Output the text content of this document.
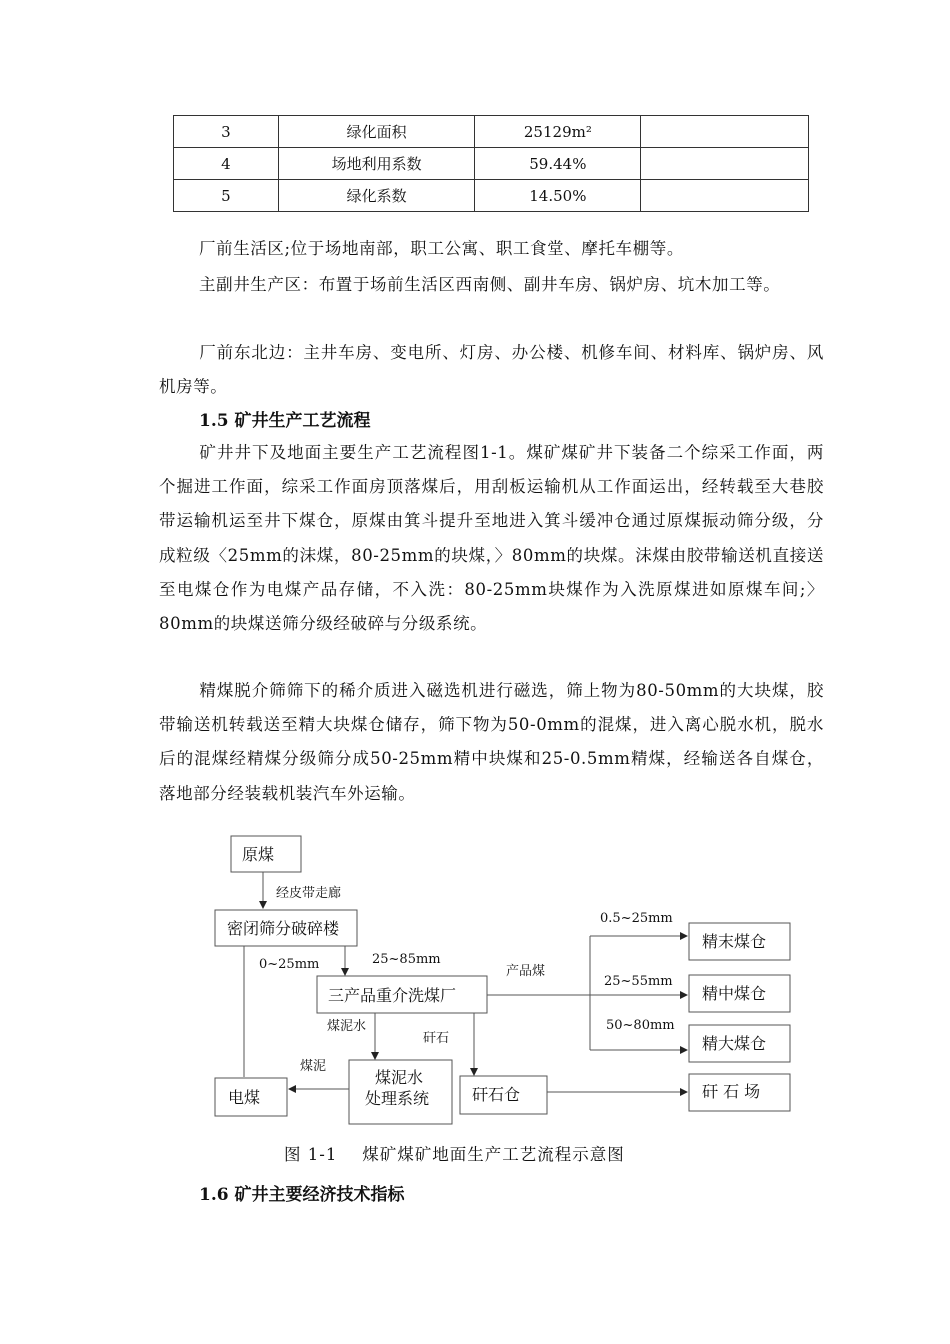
3	绿化面积	25129m²	
4	场地利用系数	59.44%	
5	绿化系数	14.50%	

厂前生活区;位于场地南部，职工公寓、职工食堂、摩托车棚等。

主副井生产区：布置于场前生活区西南侧、副井车房、锅炉房、坑木加工等。

厂前东北边：主井车房、变电所、灯房、办公楼、机修车间、材料库、锅炉房、风机房等。

1.5 矿井生产工艺流程

矿井井下及地面主要生产工艺流程图1-1。煤矿煤矿井下装备二个综采工作面，两个掘进工作面，综采工作面房顶落煤后，用刮板运输机从工作面运出，经转载至大巷胶带运输机运至井下煤仓，原煤由箕斗提升至地进入箕斗缓冲仓通过原煤振动筛分级，分成粒级〈25mm的沫煤，80-25mm的块煤，〉80mm的块煤。沫煤由胶带输送机直接送至电煤仓作为电煤产品存储，不入洗：80-25mm块煤作为入洗原煤进如原煤车间;〉80mm的块煤送筛分级经破碎与分级系统。

精煤脱介筛筛下的稀介质进入磁选机进行磁选，筛上物为80-50mm的大块煤，胶带输送机转载送至精大块煤仓储存，筛下物为50-0mm的混煤，进入离心脱水机，脱水后的混煤经精煤分级筛分成50-25mm精中块煤和25-0.5mm精煤，经输送各自煤仓，落地部分经装载机装汽车外运输。

原煤
密闭筛分破碎楼
三产品重介洗煤厂
电煤
煤泥水
处理系统	矸石仓
精末煤仓
精中煤仓
精大煤仓
矸 石 场
经皮带走廊
0~25mm	25~85mm
产品煤
0.5~25mm
25~55mm
50~80mm
煤泥水
矸石
煤泥
图 1-1    煤矿煤矿地面生产工艺流程示意图
1.6 矿井主要经济技术指标
